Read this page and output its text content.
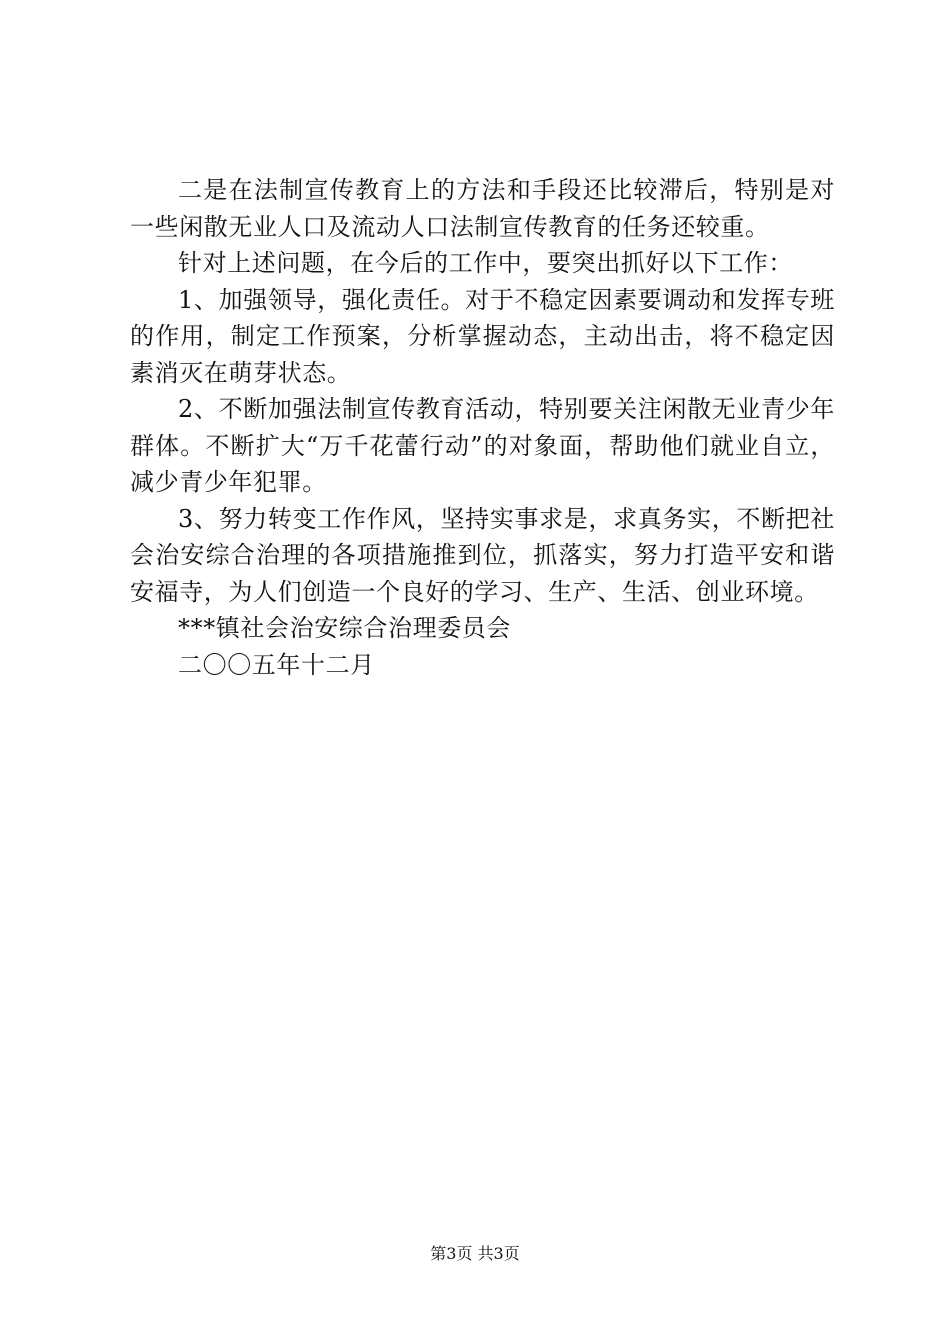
二是在法制宣传教育上的方法和手段还比较滞后，特别是对一些闲散无业人口及流动人口法制宣传教育的任务还较重。

针对上述问题，在今后的工作中，要突出抓好以下工作：

1、加强领导，强化责任。对于不稳定因素要调动和发挥专班的作用，制定工作预案，分析掌握动态，主动出击，将不稳定因素消灭在萌芽状态。

2、不断加强法制宣传教育活动，特别要关注闲散无业青少年群体。不断扩大“万千花蕾行动”的对象面，帮助他们就业自立，减少青少年犯罪。

3、努力转变工作作风，坚持实事求是，求真务实，不断把社会治安综合治理的各项措施推到位，抓落实，努力打造平安和谐安福寺，为人们创造一个良好的学习、生产、生活、创业环境。

***镇社会治安综合治理委员会

二〇〇五年十二月

第3页 共3页
